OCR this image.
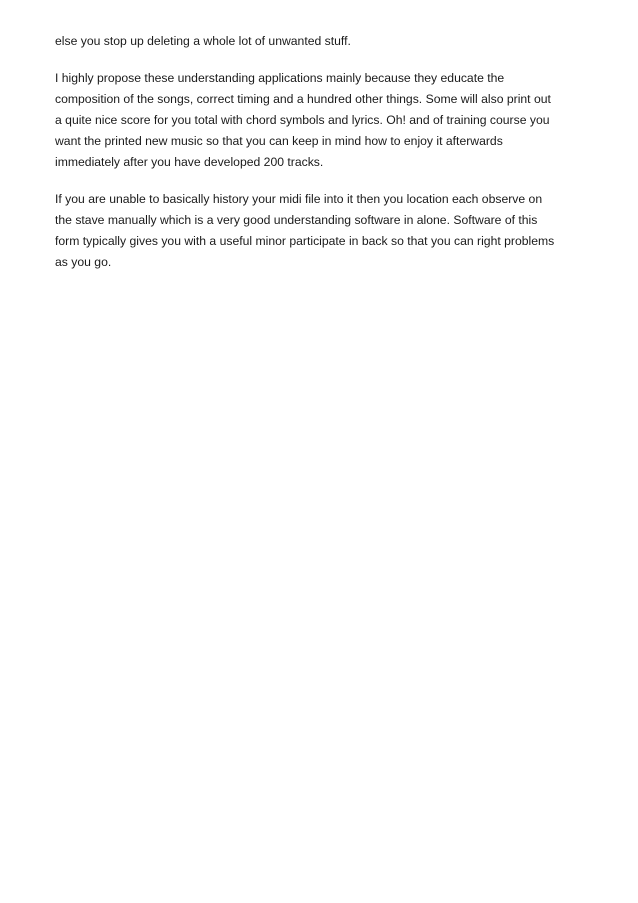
else you stop up deleting a whole lot of unwanted stuff.

I highly propose these understanding applications mainly because they educate the
composition of the songs, correct timing and a hundred other things. Some will also print out
a quite nice score for you total with chord symbols and lyrics. Oh! and of training course you
want the printed new music so that you can keep in mind how to enjoy it afterwards
immediately after you have developed 200 tracks.

If you are unable to basically history your midi file into it then you location each observe on
the stave manually which is a very good understanding software in alone. Software of this
form typically gives you with a useful minor participate in back so that you can right problems
as you go.
